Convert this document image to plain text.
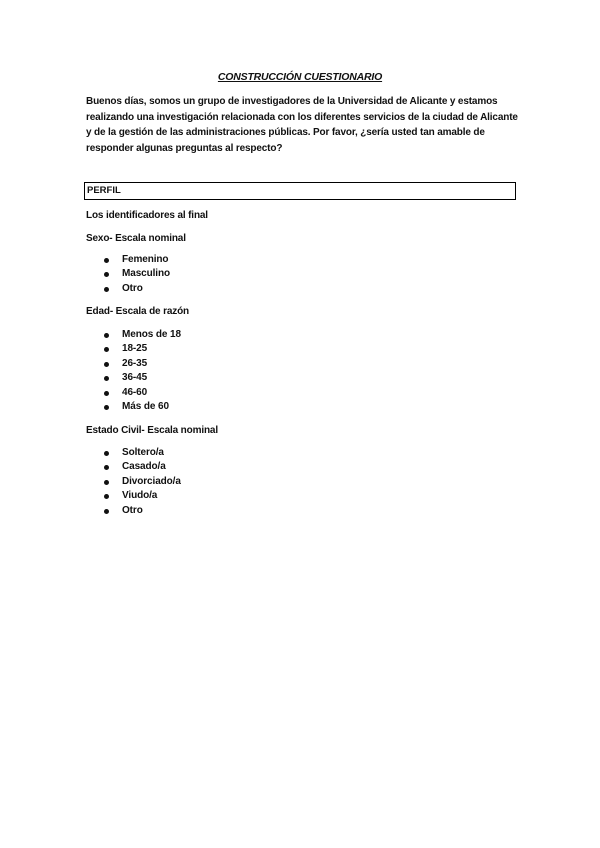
CONSTRUCCIÓN CUESTIONARIO
Buenos días, somos un grupo de investigadores de la Universidad de Alicante y estamos
realizando una investigación relacionada con los diferentes servicios de la ciudad de Alicante
y de la gestión de las administraciones públicas. Por favor, ¿sería usted tan amable de
responder algunas preguntas al respecto?
PERFIL
Los identificadores al final
Sexo- Escala nominal
Femenino
Masculino
Otro
Edad- Escala de razón
Menos de 18
18-25
26-35
36-45
46-60
Más de 60
Estado Civil- Escala nominal
Soltero/a
Casado/a
Divorciado/a
Viudo/a
Otro
